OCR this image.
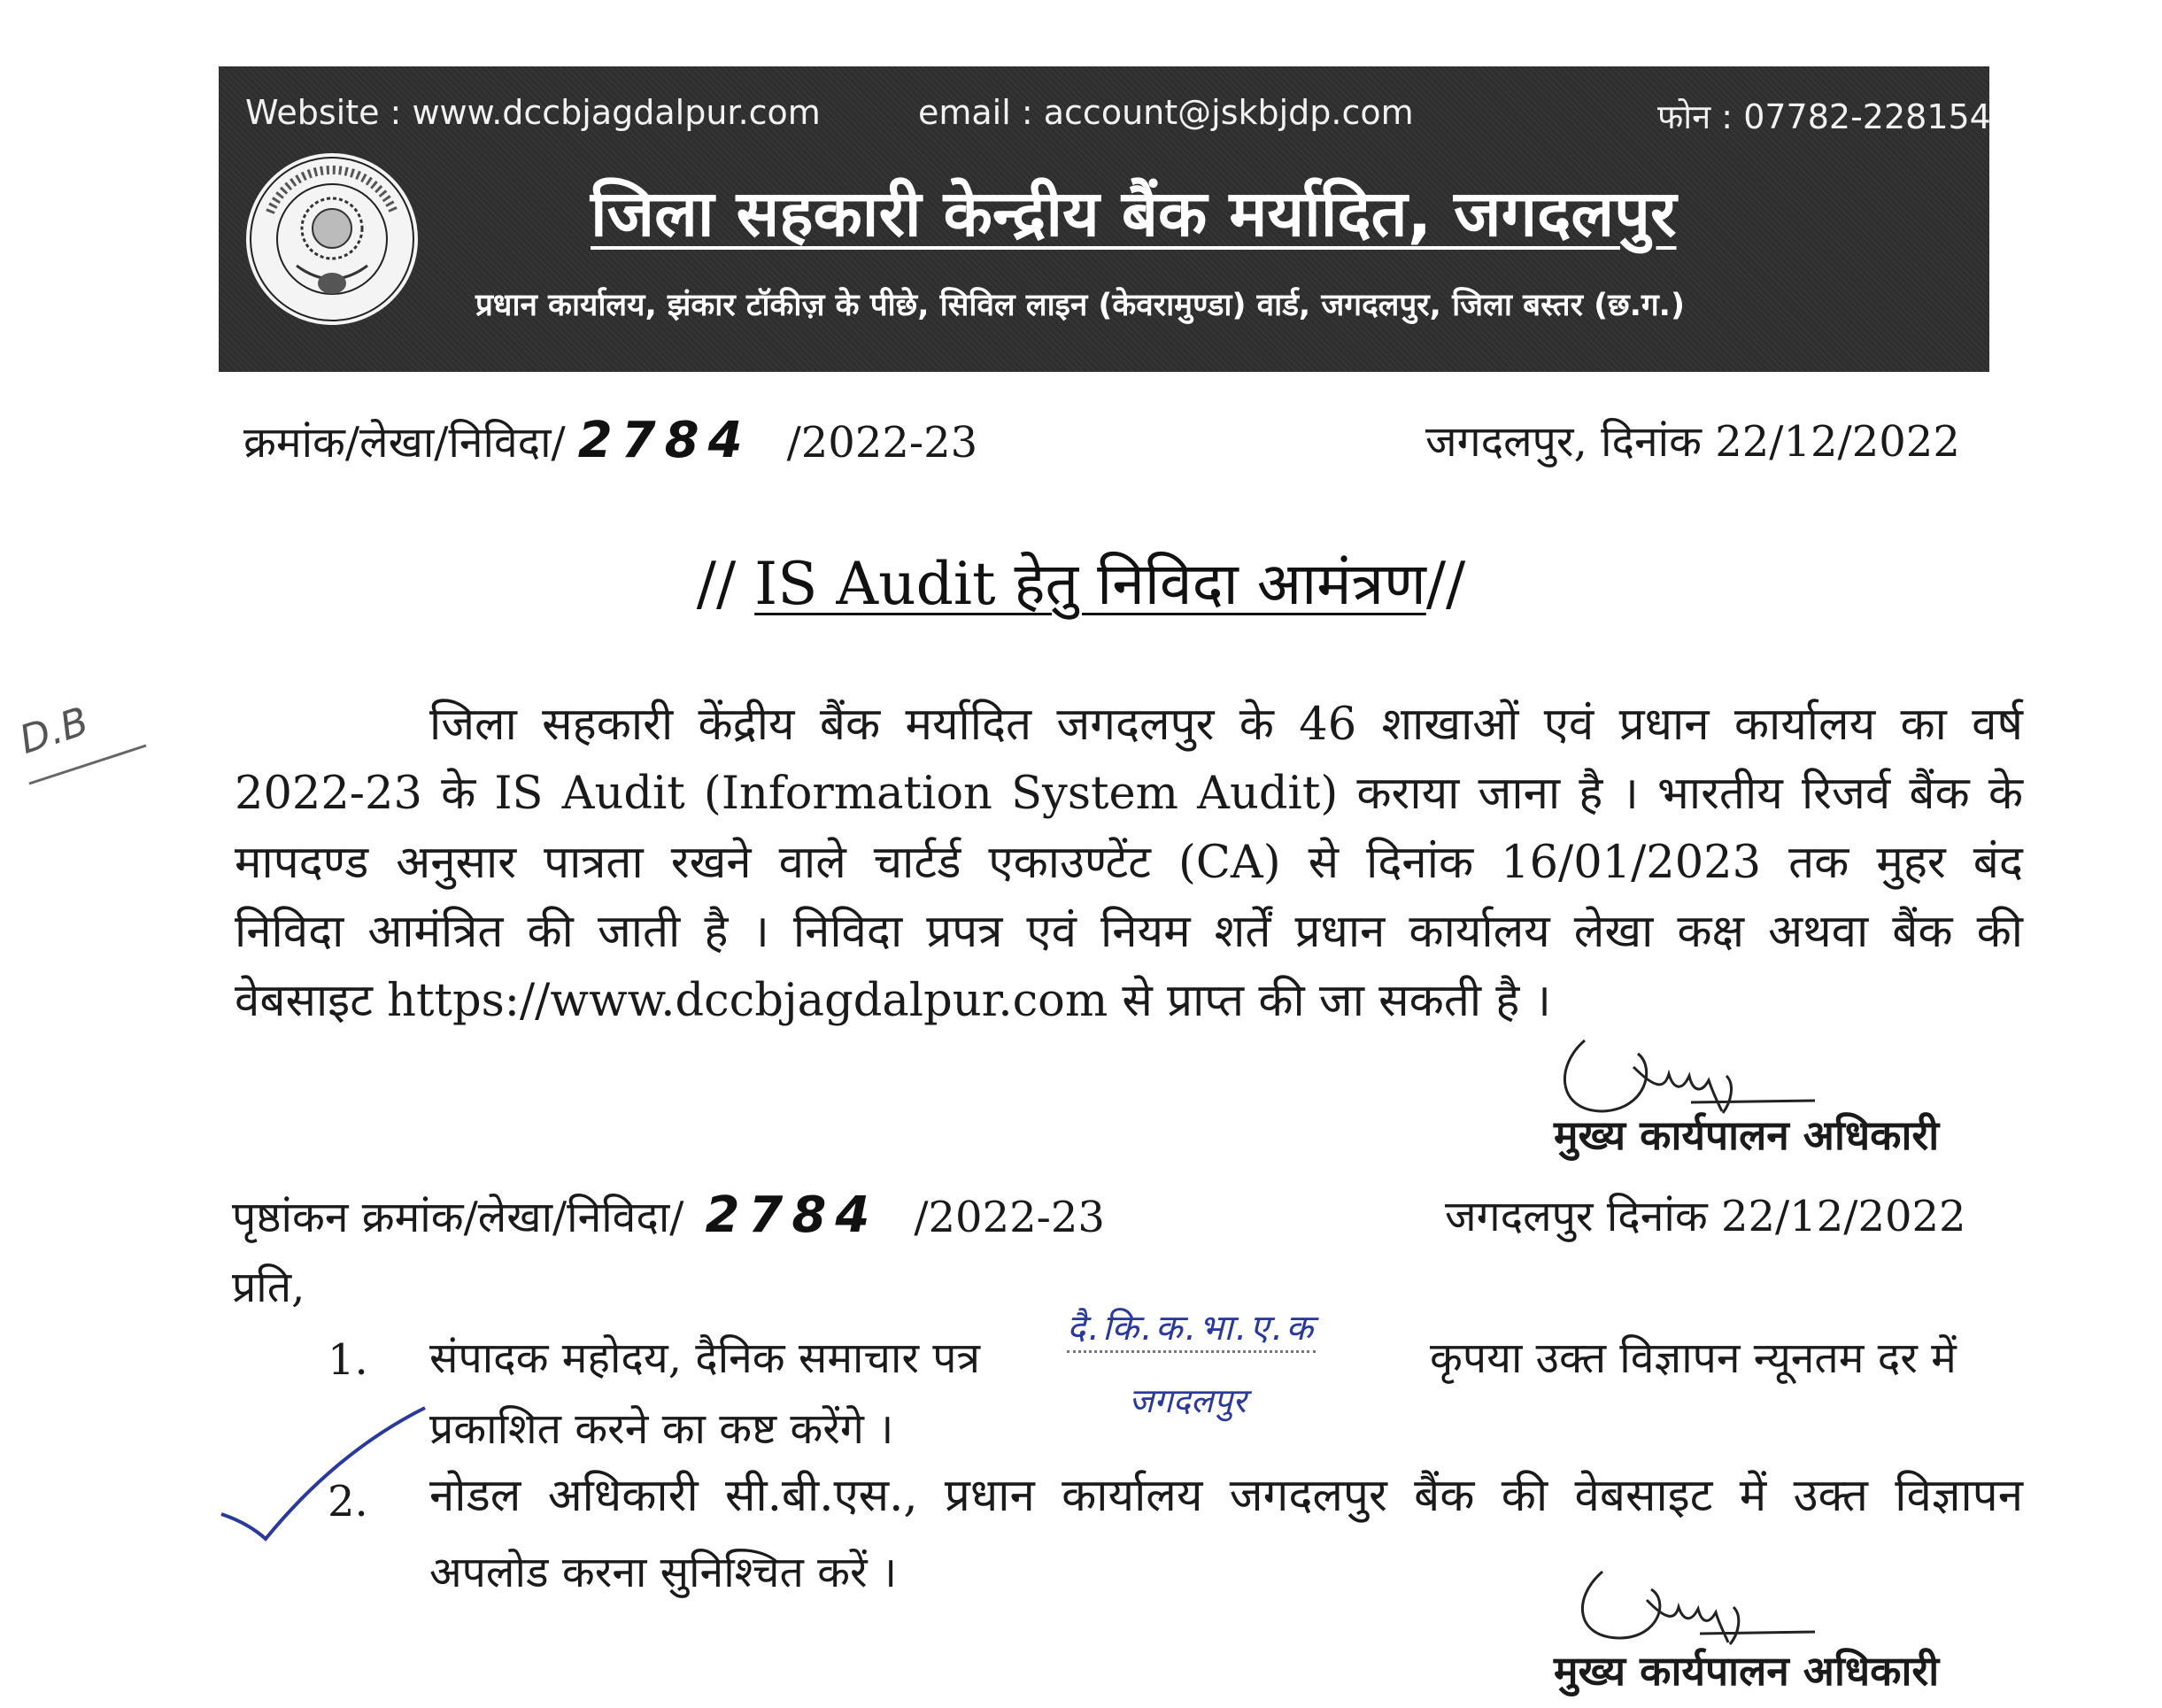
Website : www.dccbjagdalpur.com	email : account@jskbjdp.com	फोन : 07782-228154
जिला सहकारी केन्द्रीय बैंक मर्यादित, जगदलपुर
प्रधान कार्यालय, झंकार टॉकीज़ के पीछे, सिविल लाइन (केवरामुण्डा) वार्ड, जगदलपुर, जिला बस्तर (छ.ग.)
क्रमांक/लेखा/निविदा/ 2784 /2022-23	जगदलपुर, दिनांक 22/12/2022
// IS Audit हेतु निविदा आमंत्रण//
D.B	जिला सहकारी केंद्रीय बैंक मर्यादित जगदलपुर के 46 शाखाओं एवं प्रधान कार्यालय का वर्ष
2022-23 के IS Audit (Information System Audit) कराया जाना है । भारतीय रिजर्व बैंक के
मापदण्ड अनुसार पात्रता रखने वाले चार्टर्ड एकाउण्टेंट (CA) से दिनांक 16/01/2023 तक मुहर बंद
निविदा आमंत्रित की जाती है । निविदा प्रपत्र एवं नियम शर्तें प्रधान कार्यालय लेखा कक्ष अथवा बैंक की
वेबसाइट https://www.dccbjagdalpur.com से प्राप्त की जा सकती है ।
मुख्य कार्यपालन अधिकारी
पृष्ठांकन क्रमांक/लेखा/निविदा/ 2784 /2022-23	जगदलपुर दिनांक 22/12/2022
प्रति,
1. संपादक महोदय, दैनिक समाचार पत्र
दै.कि.क.भा.ए.क
जगदलपुर
कृपया उक्त विज्ञापन न्यूनतम दर में
प्रकाशित करने का कष्ट करेंगे ।
2. नोडल अधिकारी सी.बी.एस., प्रधान कार्यालय जगदलपुर बैंक की वेबसाइट में उक्त विज्ञापन
अपलोड करना सुनिश्चित करें ।
मुख्य कार्यपालन अधिकारी
